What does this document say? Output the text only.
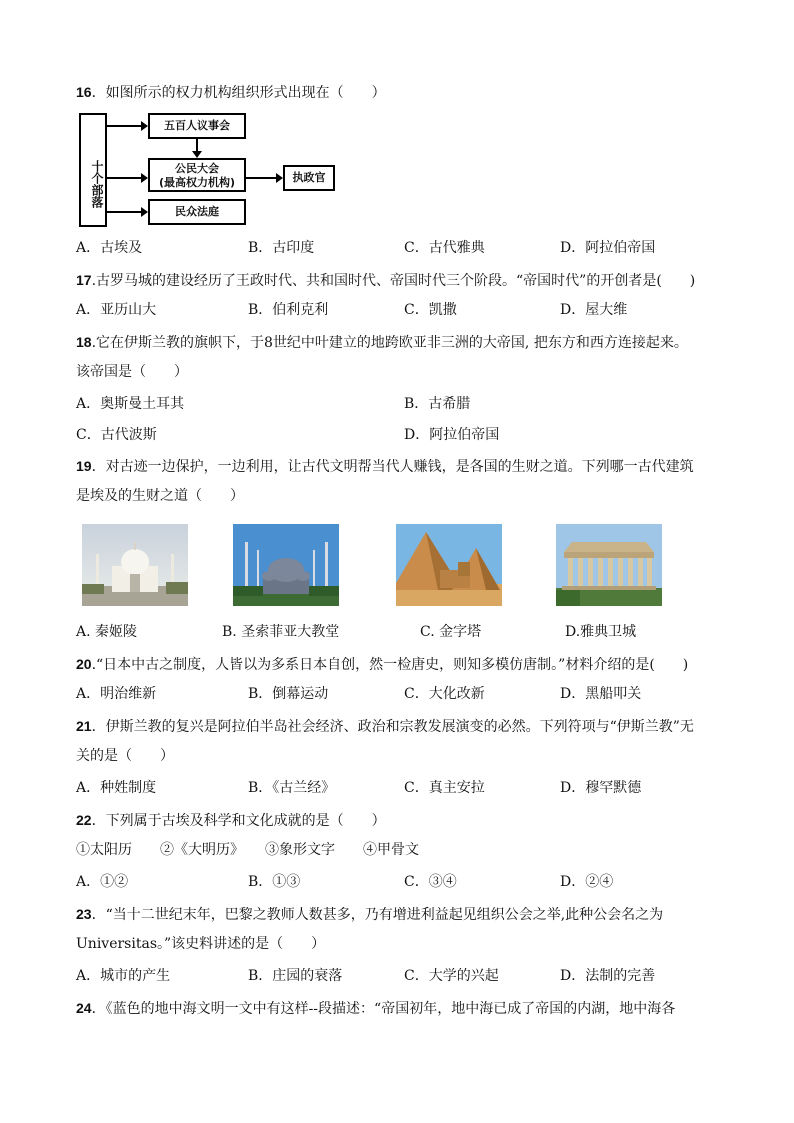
16．如图所示的权力机构组织形式出现在（　　）
十个部落
五百人议事会
公民大会
(最高权力机构)
民众法庭
执政官
A．古埃及	B．古印度	C．古代雅典	D．阿拉伯帝国
17.古罗马城的建设经历了王政时代、共和国时代、帝国时代三个阶段。“帝国时代”的开创者是(　　)
A．亚历山大	B．伯利克利	C．凯撒	D．屋大维
18.它在伊斯兰教的旗帜下，于8世纪中叶建立的地跨欧亚非三洲的大帝国, 把东方和西方连接起来。
该帝国是（　　）
A．奥斯曼土耳其	B．古希腊
C．古代波斯	D．阿拉伯帝国
19．对古迹一边保护，一边利用，让古代文明帮当代人赚钱，是各国的生财之道。下列哪一古代建筑
是埃及的生财之道（　　）
A. 秦姬陵	B. 圣索菲亚大教堂	C. 金字塔	D.雅典卫城
20.“日本中古之制度，人皆以为多系日本自创，然一检唐史，则知多模仿唐制。”材料介绍的是(　　)
A．明治维新	B．倒幕运动	C．大化改新	D．黑船叩关
21．伊斯兰教的复兴是阿拉伯半岛社会经济、政治和宗教发展演变的必然。下列符项与“伊斯兰教”无
关的是（　　）
A．种姓制度	B．《古兰经》	C．真主安拉	D．穆罕默德
22．下列属于古埃及科学和文化成就的是（　　）
①太阳历　　②《大明历》　　③象形文字　　④甲骨文
A．①②	B．①③	C．③④	D．②④
23．“当十二世纪末年，巴黎之教师人数甚多，乃有增进利益起见组织公会之举,此种公会名之为
Universitas。”该史料讲述的是（　　）
A．城市的产生	B．庄园的衰落	C．大学的兴起	D．法制的完善
24．《蓝色的地中海文明一文中有这样--段描述：“帝国初年，地中海已成了帝国的内湖，地中海各
